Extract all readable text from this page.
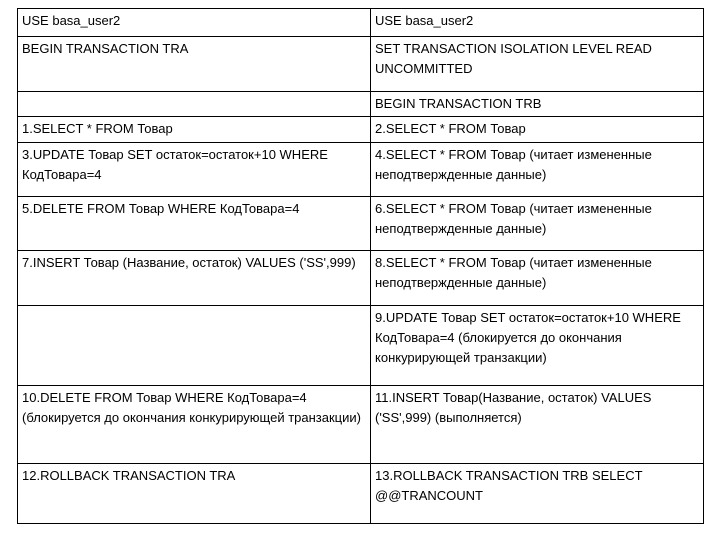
USE basa_user2	USE basa_user2

BEGIN TRANSACTION TRA	SET TRANSACTION ISOLATION LEVEL READ UNCOMMITTED

	BEGIN TRANSACTION TRB

1.SELECT * FROM Товар	2.SELECT * FROM Товар

3.UPDATE Товар SET остаток=остаток+10 WHERE КодТовара=4	4.SELECT * FROM Товар (читает измененные неподтвержденные данные)

5.DELETE FROM Товар WHERE КодТовара=4	6.SELECT * FROM Товар (читает измененные неподтвержденные данные)

7.INSERT Товар (Название, остаток) VALUES ('SS',999)	8.SELECT * FROM Товар (читает измененные неподтвержденные данные)

	9.UPDATE Товар SET остаток=остаток+10 WHERE КодТовара=4 (блокируется до окончания конкурирующей транзакции)

10.DELETE FROM Товар WHERE КодТовара=4 (блокируется до окончания конкурирующей транзакции)	11.INSERT Товар(Название, остаток) VALUES ('SS',999) (выполняется)

12.ROLLBACK TRANSACTION TRA	13.ROLLBACK TRANSACTION TRB SELECT @@TRANCOUNT
